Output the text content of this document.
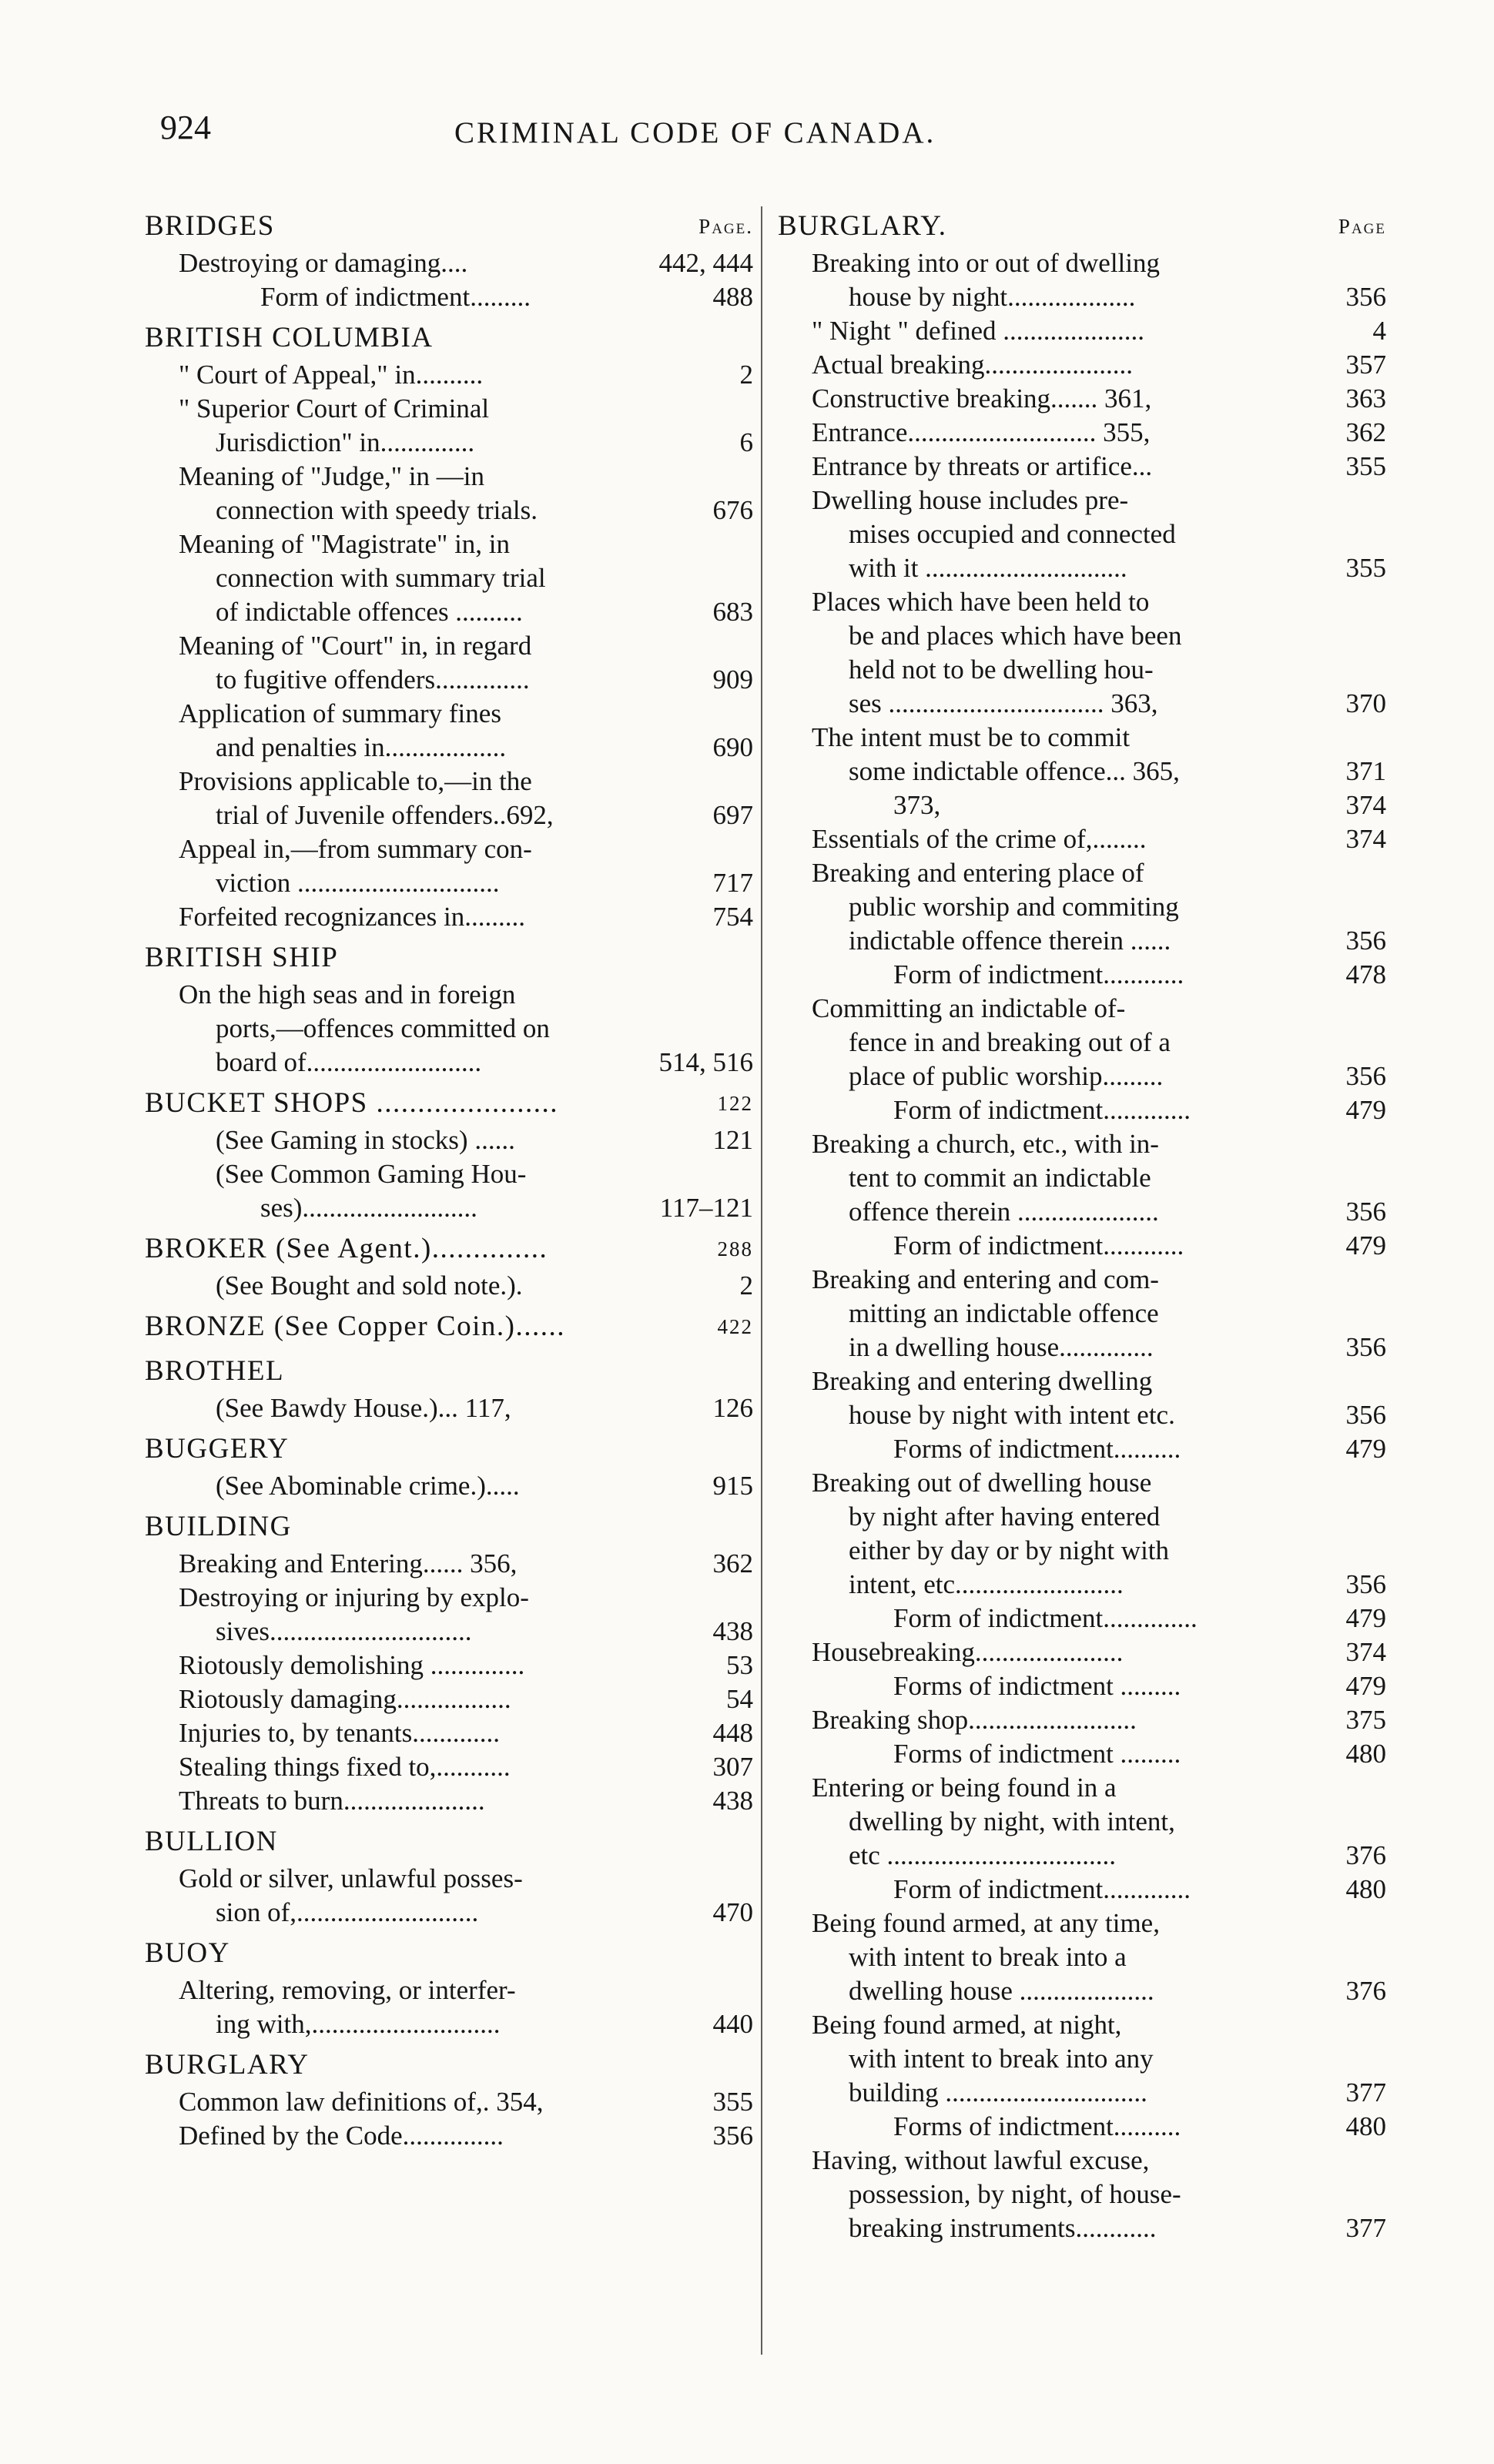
924	CRIMINAL CODE OF CANADA.
BRIDGES	Page.
Destroying or damaging....	442, 444
Form of indictment.........	488
BRITISH COLUMBIA
" Court of Appeal," in..........	2
" Superior Court of Criminal
Jurisdiction" in..............	6
Meaning of "Judge," in —in
connection with speedy trials.	676
Meaning of "Magistrate" in, in
connection with summary trial
of indictable offences ..........	683
Meaning of "Court" in, in regard
to fugitive offenders..............	909
Application of summary fines
and penalties in..................	690
Provisions applicable to,—in the
trial of Juvenile offenders..692,	697
Appeal in,—from summary con-
viction ..............................	717
Forfeited recognizances in.........	754
BRITISH SHIP
On the high seas and in foreign
ports,—offences committed on
board of..........................	514, 516
BUCKET SHOPS ......................	122
(See Gaming in stocks) ......	121
(See Common Gaming Hou-
ses)..........................	117–121
BROKER (See Agent.)..............	288
(See Bought and sold note.).	2
BRONZE (See Copper Coin.)......	422
BROTHEL
(See Bawdy House.)... 117,	126
BUGGERY
(See Abominable crime.).....	915
BUILDING
Breaking and Entering...... 356,	362
Destroying or injuring by explo-
sives..............................	438
Riotously demolishing ..............	53
Riotously damaging.................	54
Injuries to, by tenants.............	448
Stealing things fixed to,...........	307
Threats to burn.....................	438
BULLION
Gold or silver, unlawful posses-
sion of,...........................	470
BUOY
Altering, removing, or interfer-
ing with,............................	440
BURGLARY
Common law definitions of,. 354,	355
Defined by the Code...............	356
BURGLARY.	Page
Breaking into or out of dwelling
house by night...................	356
" Night " defined .....................	4
Actual breaking......................	357
Constructive breaking....... 361,	363
Entrance............................ 355,	362
Entrance by threats or artifice...	355
Dwelling house includes pre-
mises occupied and connected
with it ..............................	355
Places which have been held to
be and places which have been
held not to be dwelling hou-
ses ................................ 363,	370
The intent must be to commit
some indictable offence... 365,	371
373,	374
Essentials of the crime of,........	374
Breaking and entering place of
public worship and commiting
indictable offence therein ......	356
Form of indictment............	478
Committing an indictable of-
fence in and breaking out of a
place of public worship.........	356
Form of indictment.............	479
Breaking a church, etc., with in-
tent to commit an indictable
offence therein .....................	356
Form of indictment............	479
Breaking and entering and com-
mitting an indictable offence
in a dwelling house..............	356
Breaking and entering dwelling
house by night with intent etc.	356
Forms of indictment..........	479
Breaking out of dwelling house
by night after having entered
either by day or by night with
intent, etc.........................	356
Form of indictment..............	479
Housebreaking......................	374
Forms of indictment .........	479
Breaking shop.........................	375
Forms of indictment .........	480
Entering or being found in a
dwelling by night, with intent,
etc ..................................	376
Form of indictment.............	480
Being found armed, at any time,
with intent to break into a
dwelling house ....................	376
Being found armed, at night,
with intent to break into any
building ..............................	377
Forms of indictment..........	480
Having, without lawful excuse,
possession, by night, of house-
breaking instruments............	377
